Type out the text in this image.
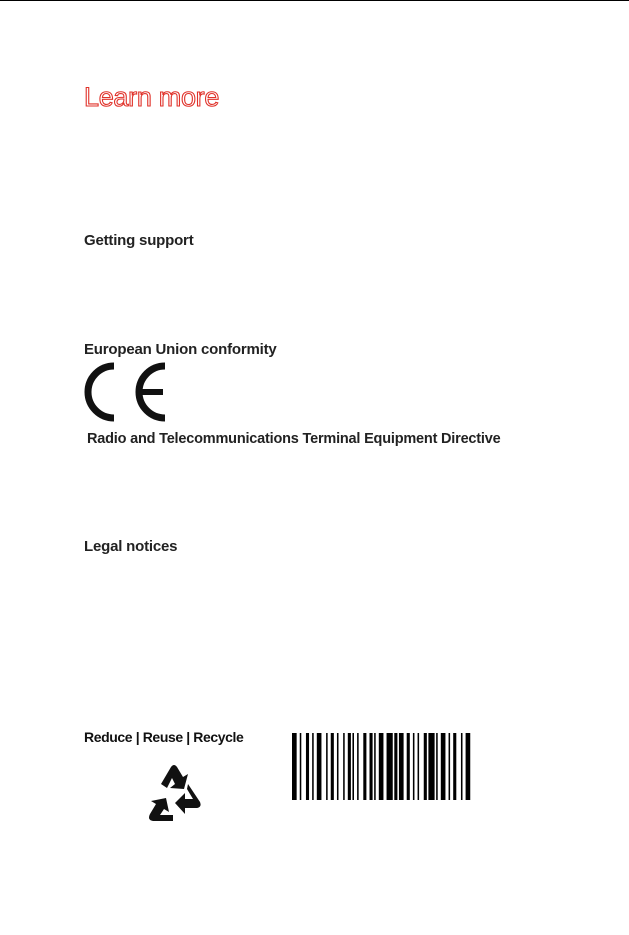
Learn more
Getting support
European Union conformity
Radio and Telecommunications Terminal Equipment Directive
Legal notices
Reduce | Reuse | Recycle
